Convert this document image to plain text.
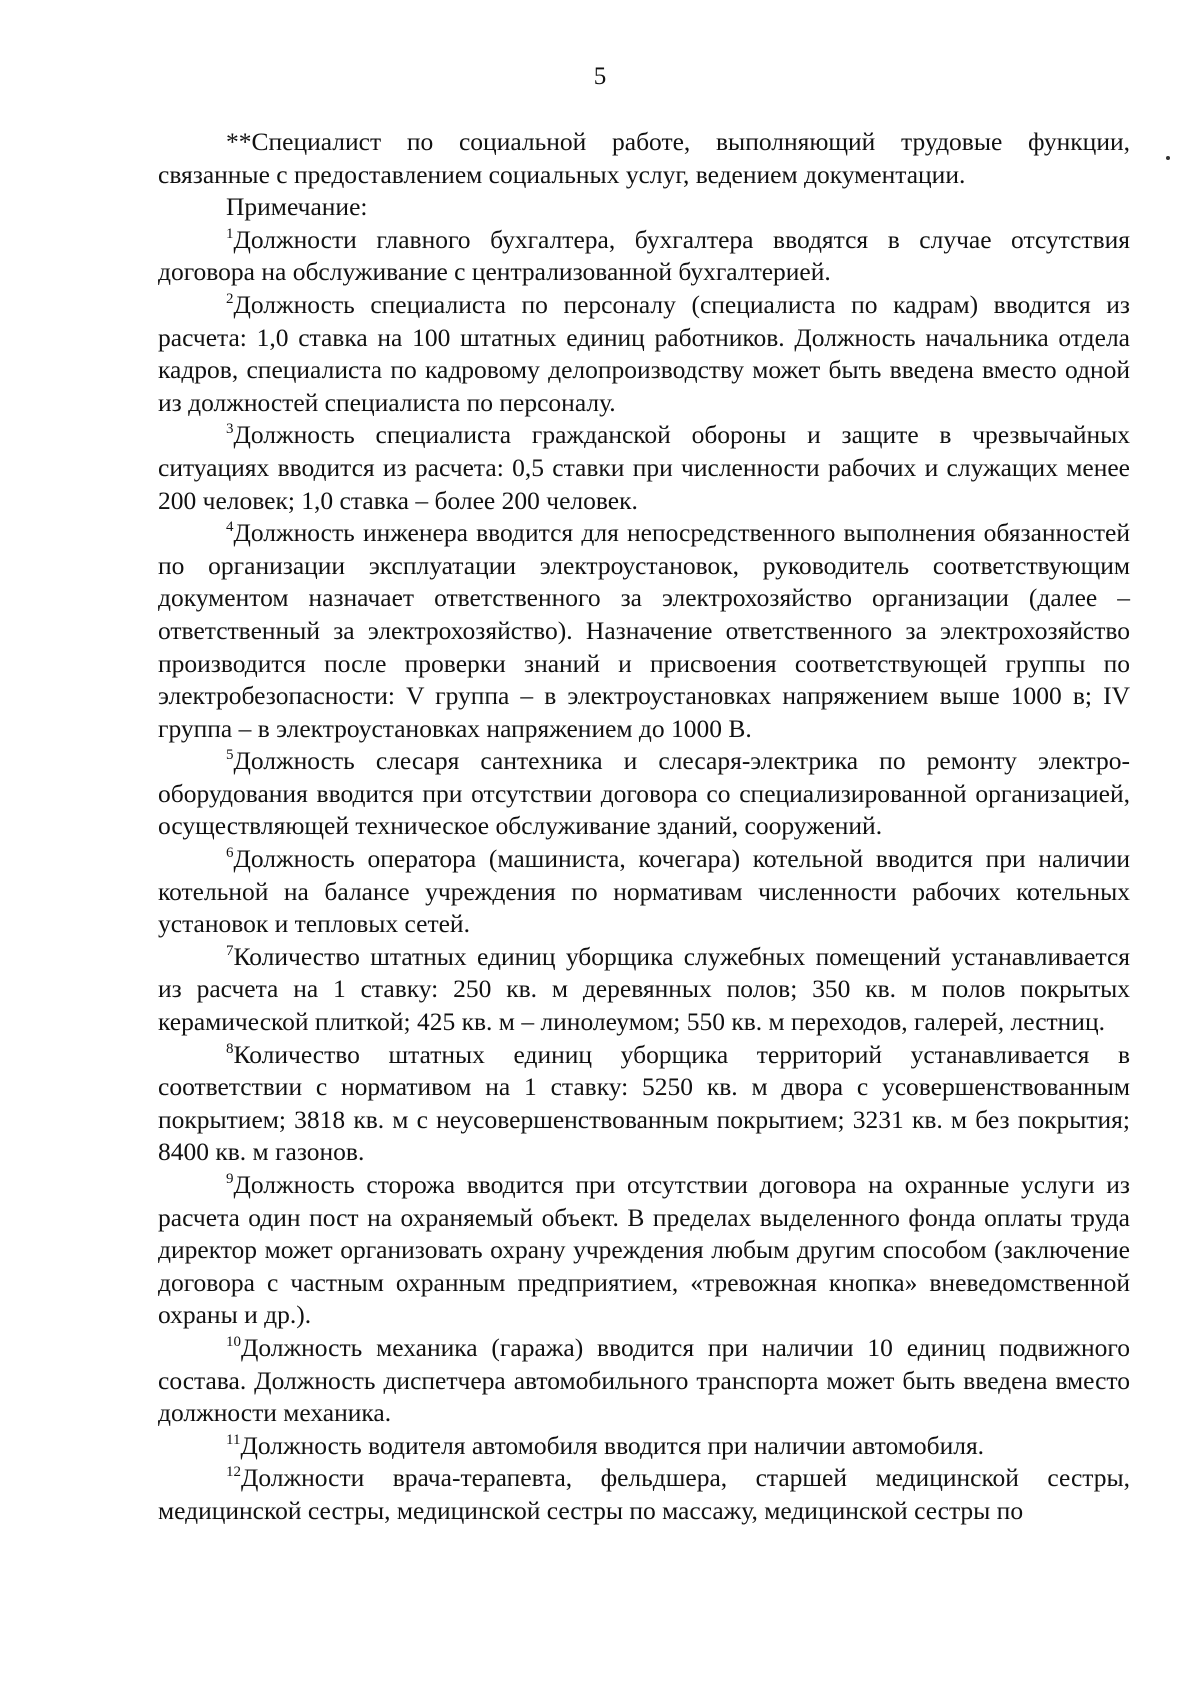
5

**Специалист по социальной работе, выполняющий трудовые функции, связанные с предоставлением социальных услуг, ведением документации.

Примечание:

$^1$Должности главного бухгалтера, бухгалтера вводятся в случае отсутствия договора на обслуживание с централизованной бухгалтерией.

$^2$Должность специалиста по персоналу (специалиста по кадрам) вводится из расчета: 1,0 ставка на 100 штатных единиц работников. Должность начальника отдела кадров, специалиста по кадровому делопроизводству может быть введена вместо одной из должностей специалиста по персоналу.

$^3$Должность специалиста гражданской обороны и защите в чрезвычайных ситуациях вводится из расчета: 0,5 ставки при численности рабочих и служащих менее 200 человек; 1,0 ставка – более 200 человек.

$^4$Должность инженера вводится для непосредственного выполнения обязанностей по организации эксплуатации электроустановок, руководитель соответствующим документом назначает ответственного за электрохозяйство организации (далее – ответственный за электрохозяйство). Назначение ответственного за электрохозяйство производится после проверки знаний и присвоения соответствующей группы по электробезопасности: V группа – в электроустановках напряжением выше 1000 в; IV группа – в электроустановках напряжением до 1000 В.

$^5$Должность слесаря сантехника и слесаря-электрика по ремонту электрооборудования вводится при отсутствии договора со специализированной организацией, осуществляющей техническое обслуживание зданий, сооружений.

$^6$Должность оператора (машиниста, кочегара) котельной вводится при наличии котельной на балансе учреждения по нормативам численности рабочих котельных установок и тепловых сетей.

$^7$Количество штатных единиц уборщика служебных помещений устанавливается из расчета на 1 ставку: 250 кв. м деревянных полов; 350 кв. м полов покрытых керамической плиткой; 425 кв. м – линолеумом; 550 кв. м переходов, галерей, лестниц.

$^8$Количество штатных единиц уборщика территорий устанавливается в соответствии с нормативом на 1 ставку: 5250 кв. м двора с усовершенствованным покрытием; 3818 кв. м с неусовершенствованным покрытием; 3231 кв. м без покрытия; 8400 кв. м газонов.

$^9$Должность сторожа вводится при отсутствии договора на охранные услуги из расчета один пост на охраняемый объект. В пределах выделенного фонда оплаты труда директор может организовать охрану учреждения любым другим способом (заключение договора с частным охранным предприятием, «тревожная кнопка» вневедомственной охраны и др.).

$^{10}$Должность механика (гаража) вводится при наличии 10 единиц подвижного состава. Должность диспетчера автомобильного транспорта может быть введена вместо должности механика.

$^{11}$Должность водителя автомобиля вводится при наличии автомобиля.

$^{12}$Должности врача-терапевта, фельдшера, старшей медицинской сестры, медицинской сестры, медицинской сестры по массажу, медицинской сестры по
